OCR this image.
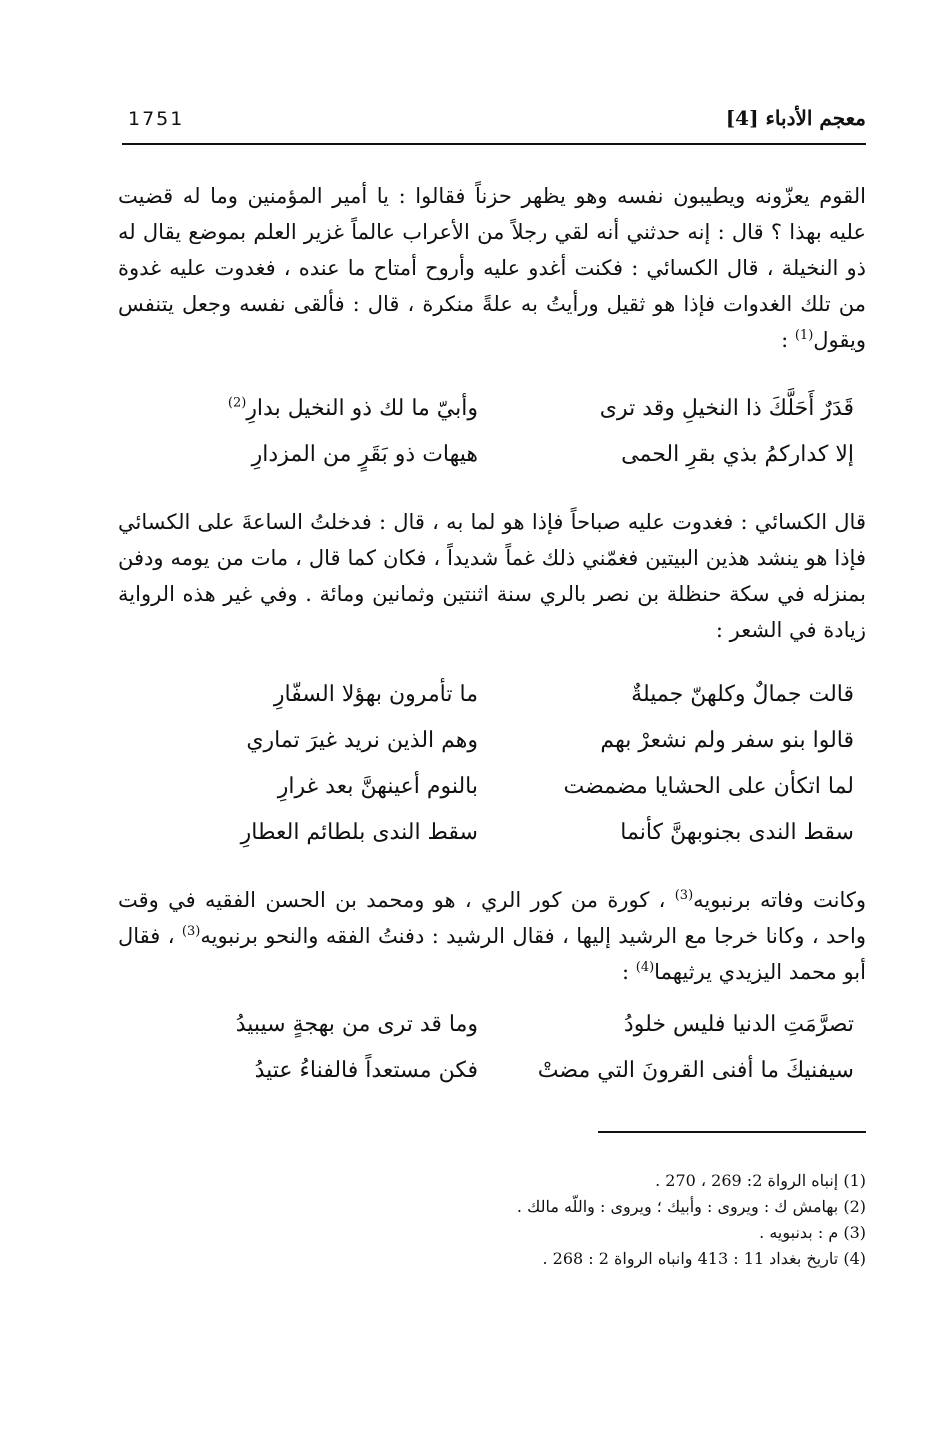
1751	معجم الأدباء [4]
القوم يعزّونه ويطيبون نفسه وهو يظهر حزناً فقالوا : يا أمير المؤمنين وما له قضيت عليه بهذا ؟ قال : إنه حدثني أنه لقي رجلاً من الأعراب عالماً غزير العلم بموضع يقال له ذو النخيلة ، قال الكسائي : فكنت أغدو عليه وأروح أمتاح ما عنده ، فغدوت عليه غدوة من تلك الغدوات فإذا هو ثقيل ورأيتُ به علةً منكرة ، قال : فألقى نفسه وجعل يتنفس ويقول$^{(1)}$ :
قَدَرٌ أَحَلَّكَ ذا النخيلِ وقد ترى
وأبيّ ما لك ذو النخيل بدارِ$^{(2)}$
إلا كداركمُ بذي بقرِ الحمى
هيهات ذو بَقَرٍ من المزدارِ
قال الكسائي : فغدوت عليه صباحاً فإذا هو لما به ، قال : فدخلتُ الساعةَ على الكسائي فإذا هو ينشد هذين البيتين فغمّني ذلك غماً شديداً ، فكان كما قال ، مات من يومه ودفن بمنزله في سكة حنظلة بن نصر بالري سنة اثنتين وثمانين ومائة . وفي غير هذه الرواية زيادة في الشعر :
قالت جمالٌ وكلهنّ جميلةٌ
ما تأمرون بهؤلا السفّارِ
قالوا بنو سفر ولم نشعرْ بهم
وهم الذين نريد غيرَ تماري
لما اتكأن على الحشايا مضمضت
بالنوم أعينهنَّ بعد غرارِ
سقط الندى بجنوبهنَّ كأنما
سقط الندى بلطائم العطارِ
وكانت وفاته برنبويه$^{(3)}$ ، كورة من كور الري ، هو ومحمد بن الحسن الفقيه في وقت واحد ، وكانا خرجا مع الرشيد إليها ، فقال الرشيد : دفنتُ الفقه والنحو برنبويه$^{(3)}$ ، فقال أبو محمد اليزيدي يرثيهما$^{(4)}$ :
تصرَّمَتِ الدنيا فليس خلودُ
وما قد ترى من بهجةٍ سيبيدُ
سيفنيكَ ما أفنى القرونَ التي مضتْ
فكن مستعداً فالفناءُ عتيدُ
(1) إنباه الرواة 2: 269 ، 270 .
(2) بهامش ك : ويروى : وأبيك ؛ ويروى : واللّه مالك .
(3) م : بدنبويه .
(4) تاريخ بغداد 11 : 413 وانباه الرواة 2 : 268 .
